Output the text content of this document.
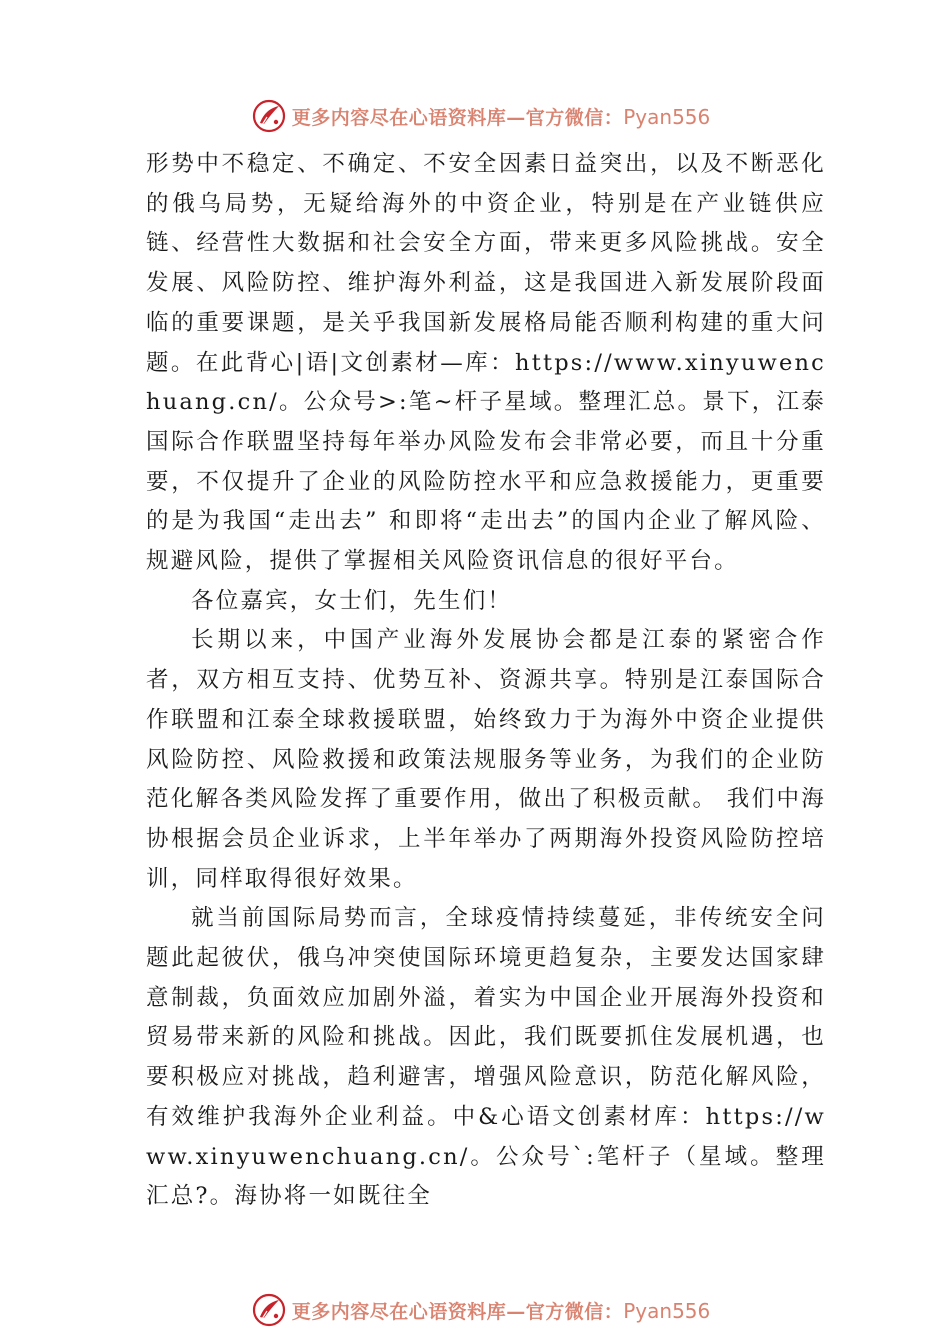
更多内容尽在心语资料库—官方微信：Pyan556

形势中不稳定、不确定、不安全因素日益突出，以及不断恶化的俄乌局势，无疑给海外的中资企业，特别是在产业链供应链、经营性大数据和社会安全方面，带来更多风险挑战。安全发展、风险防控、维护海外利益，这是我国进入新发展阶段面临的重要课题，是关乎我国新发展格局能否顺利构建的重大问题。在此背心|语|文创素材—库：https://www.xinyuwenchuang.cn/。公众号>:笔~杆子星域。整理汇总。景下，江泰国际合作联盟坚持每年举办风险发布会非常必要，而且十分重要，不仅提升了企业的风险防控水平和应急救援能力，更重要的是为我国“走出去” 和即将“走出去”的国内企业了解风险、规避风险，提供了掌握相关风险资讯信息的很好平台。

各位嘉宾，女士们，先生们！

长期以来，中国产业海外发展协会都是江泰的紧密合作者，双方相互支持、优势互补、资源共享。特别是江泰国际合作联盟和江泰全球救援联盟，始终致力于为海外中资企业提供风险防控、风险救援和政策法规服务等业务，为我们的企业防范化解各类风险发挥了重要作用，做出了积极贡献。 我们中海协根据会员企业诉求，上半年举办了两期海外投资风险防控培训，同样取得很好效果。

就当前国际局势而言，全球疫情持续蔓延，非传统安全问题此起彼伏，俄乌冲突使国际环境更趋复杂，主要发达国家肆意制裁，负面效应加剧外溢，着实为中国企业开展海外投资和贸易带来新的风险和挑战。因此，我们既要抓住发展机遇，也要积极应对挑战，趋利避害，增强风险意识，防范化解风险，有效维护我海外企业利益。中&心语文创素材库：https://www.xinyuwenchuang.cn/。公众号`:笔杆子（星域。整理汇总?。海协将一如既往全

更多内容尽在心语资料库—官方微信：Pyan556
